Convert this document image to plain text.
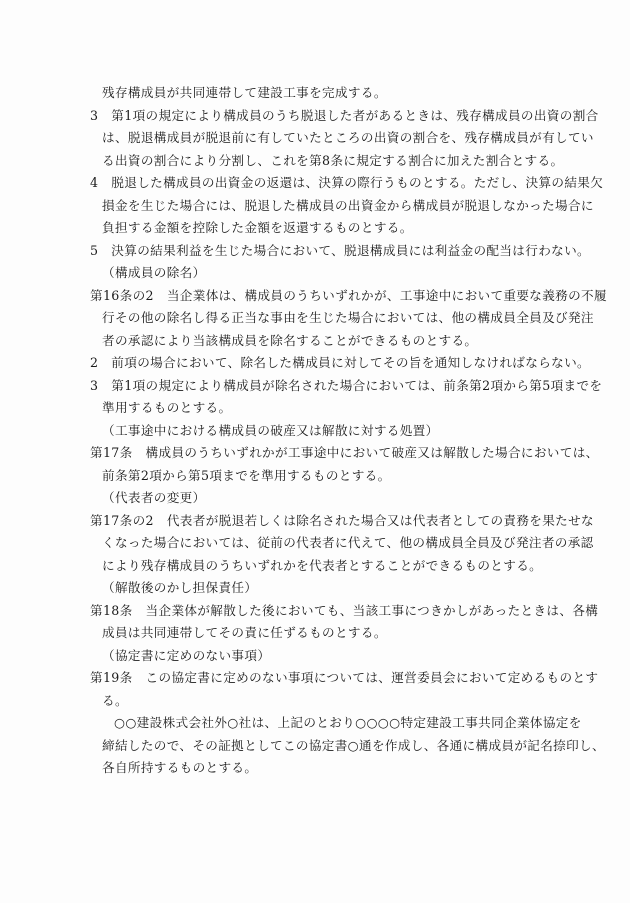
残存構成員が共同連帯して建設工事を完成する。
3　第1項の規定により構成員のうち脱退した者があるときは、残存構成員の出資の割合
は、脱退構成員が脱退前に有していたところの出資の割合を、残存構成員が有してい
る出資の割合により分割し、これを第8条に規定する割合に加えた割合とする。
4　脱退した構成員の出資金の返還は、決算の際行うものとする。ただし、決算の結果欠
損金を生じた場合には、脱退した構成員の出資金から構成員が脱退しなかった場合に
負担する金額を控除した金額を返還するものとする。
5　決算の結果利益を生じた場合において、脱退構成員には利益金の配当は行わない。
（構成員の除名）
第16条の2　当企業体は、構成員のうちいずれかが、工事途中において重要な義務の不履
行その他の除名し得る正当な事由を生じた場合においては、他の構成員全員及び発注
者の承認により当該構成員を除名することができるものとする。
2　前項の場合において、除名した構成員に対してその旨を通知しなければならない。
3　第1項の規定により構成員が除名された場合においては、前条第2項から第5項までを
準用するものとする。
（工事途中における構成員の破産又は解散に対する処置）
第17条　構成員のうちいずれかが工事途中において破産又は解散した場合においては、
前条第2項から第5項までを準用するものとする。
（代表者の変更）
第17条の2　代表者が脱退若しくは除名された場合又は代表者としての責務を果たせな
くなった場合においては、従前の代表者に代えて、他の構成員全員及び発注者の承認
により残存構成員のうちいずれかを代表者とすることができるものとする。
（解散後のかし担保責任）
第18条　当企業体が解散した後においても、当該工事につきかしがあったときは、各構
成員は共同連帯してその責に任ずるものとする。
（協定書に定めのない事項）
第19条　この協定書に定めのない事項については、運営委員会において定めるものとす
る。
○○建設株式会社外○社は、上記のとおり○○○○特定建設工事共同企業体協定を
締結したので、その証拠としてこの協定書○通を作成し、各通に構成員が記名捺印し、
各自所持するものとする。
